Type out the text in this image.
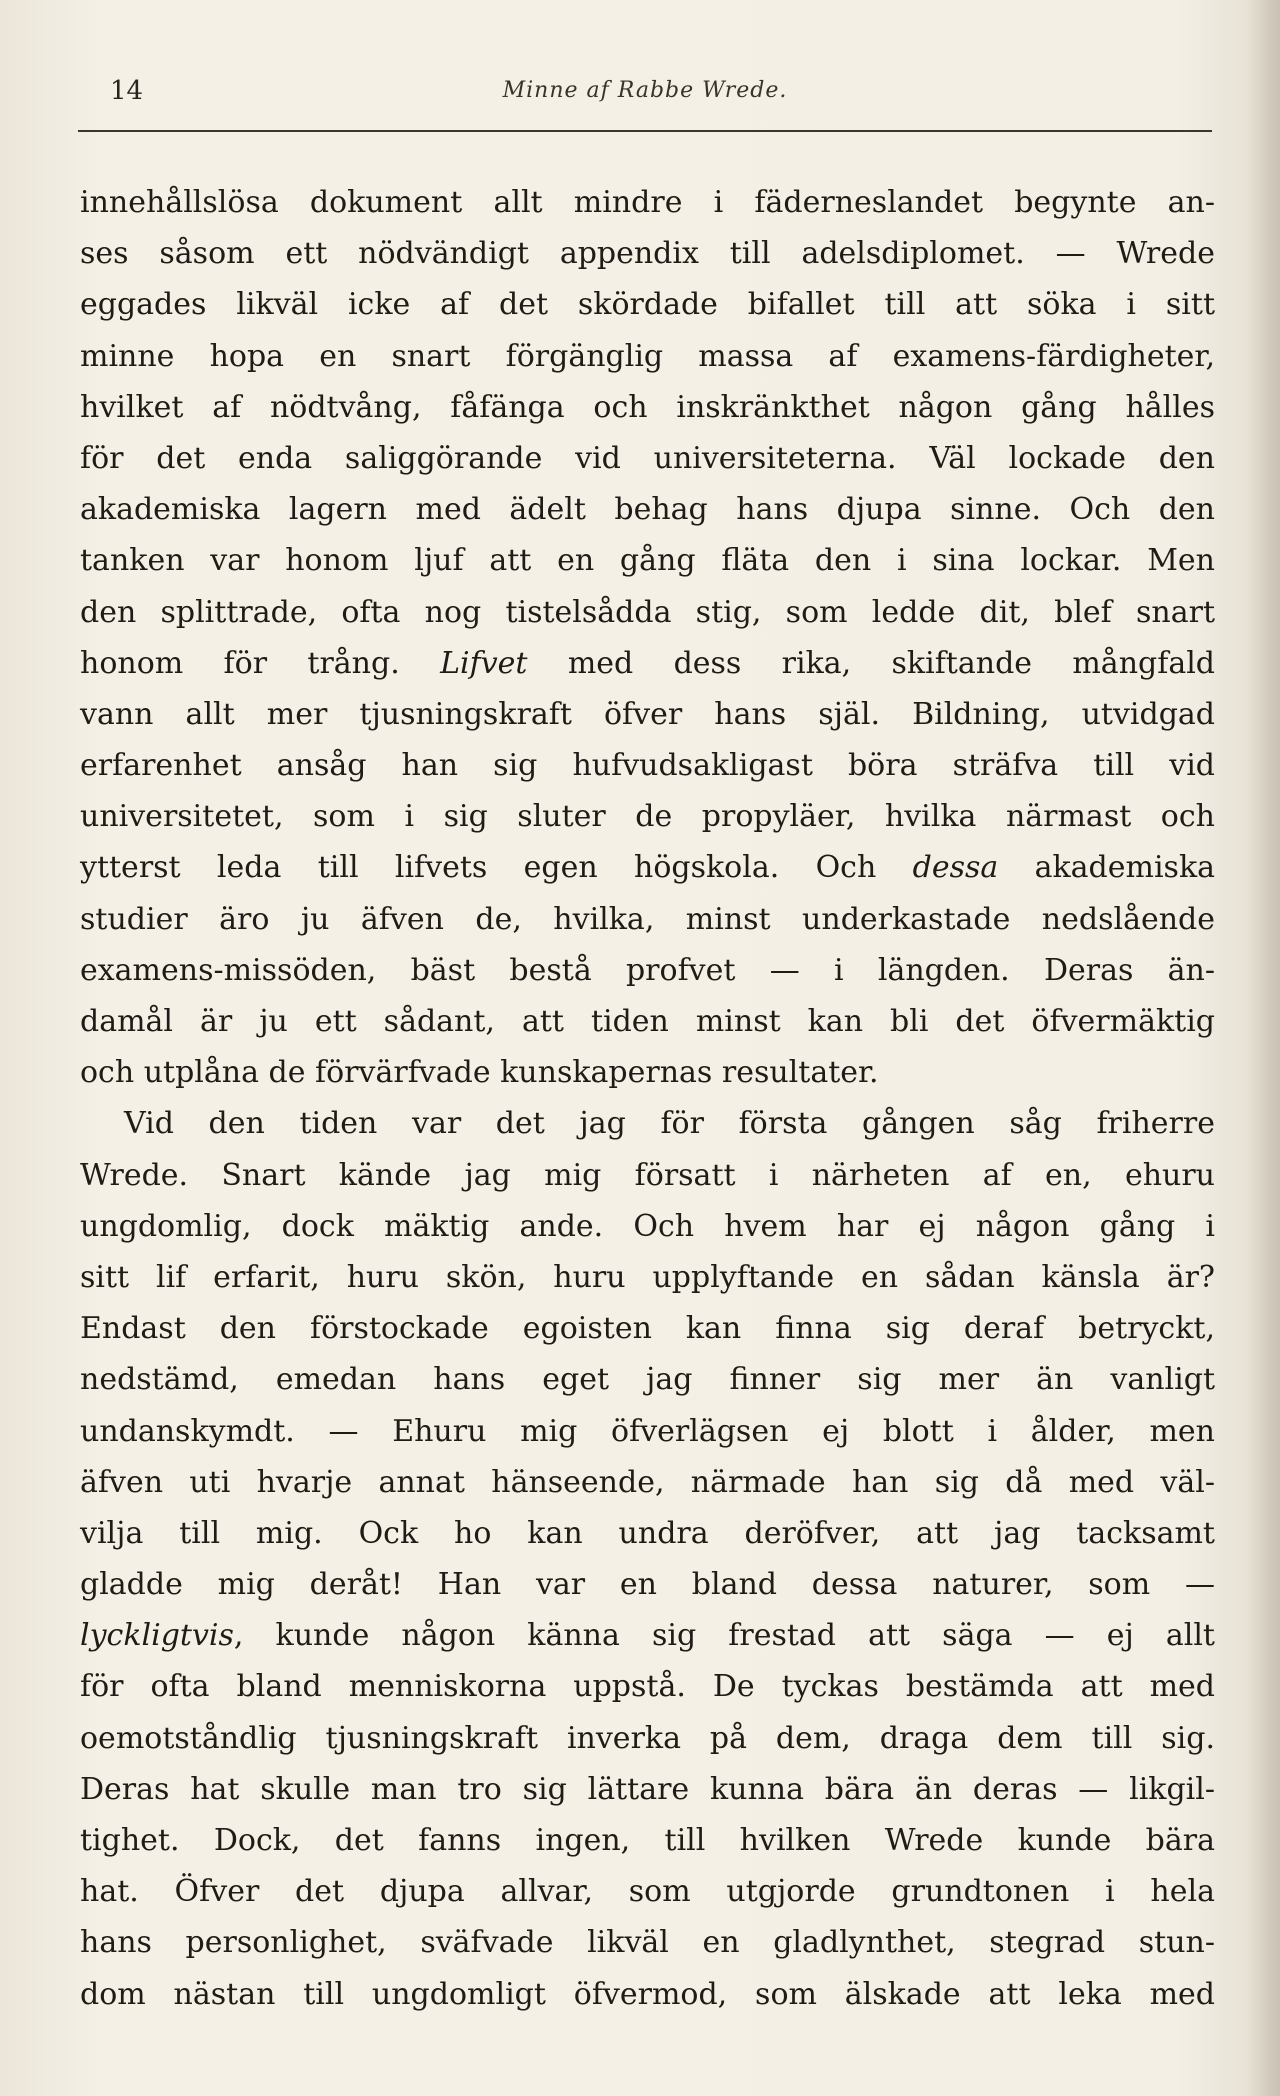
14	Minne af Rabbe Wrede.
innehållslösa dokument allt mindre i fäderneslandet begynte an-
ses såsom ett nödvändigt appendix till adelsdiplomet. — Wrede
eggades likväl icke af det skördade bifallet till att söka i sitt
minne hopa en snart förgänglig massa af examens-färdigheter,
hvilket af nödtvång, fåfänga och inskränkthet någon gång hålles
för det enda saliggörande vid universiteterna. Väl lockade den
akademiska lagern med ädelt behag hans djupa sinne. Och den
tanken var honom ljuf att en gång fläta den i sina lockar. Men
den splittrade, ofta nog tistelsådda stig, som ledde dit, blef snart
honom för trång. Lifvet med dess rika, skiftande mångfald
vann allt mer tjusningskraft öfver hans själ. Bildning, utvidgad
erfarenhet ansåg han sig hufvudsakligast böra sträfva till vid
universitetet, som i sig sluter de propyläer, hvilka närmast och
ytterst leda till lifvets egen högskola. Och dessa akademiska
studier äro ju äfven de, hvilka, minst underkastade nedslående
examens-missöden, bäst bestå profvet — i längden. Deras än-
damål är ju ett sådant, att tiden minst kan bli det öfvermäktig
och utplåna de förvärfvade kunskapernas resultater.
Vid den tiden var det jag för första gången såg friherre
Wrede. Snart kände jag mig försatt i närheten af en, ehuru
ungdomlig, dock mäktig ande. Och hvem har ej någon gång i
sitt lif erfarit, huru skön, huru upplyftande en sådan känsla är?
Endast den förstockade egoisten kan finna sig deraf betryckt,
nedstämd, emedan hans eget jag finner sig mer än vanligt
undanskymdt. — Ehuru mig öfverlägsen ej blott i ålder, men
äfven uti hvarje annat hänseende, närmade han sig då med väl-
vilja till mig. Ock ho kan undra deröfver, att jag tacksamt
gladde mig deråt! Han var en bland dessa naturer, som —
lyckligtvis, kunde någon känna sig frestad att säga — ej allt
för ofta bland menniskorna uppstå. De tyckas bestämda att med
oemotståndlig tjusningskraft inverka på dem, draga dem till sig.
Deras hat skulle man tro sig lättare kunna bära än deras — likgil-
tighet. Dock, det fanns ingen, till hvilken Wrede kunde bära
hat. Öfver det djupa allvar, som utgjorde grundtonen i hela
hans personlighet, sväfvade likväl en gladlynthet, stegrad stun-
dom nästan till ungdomligt öfvermod, som älskade att leka med
